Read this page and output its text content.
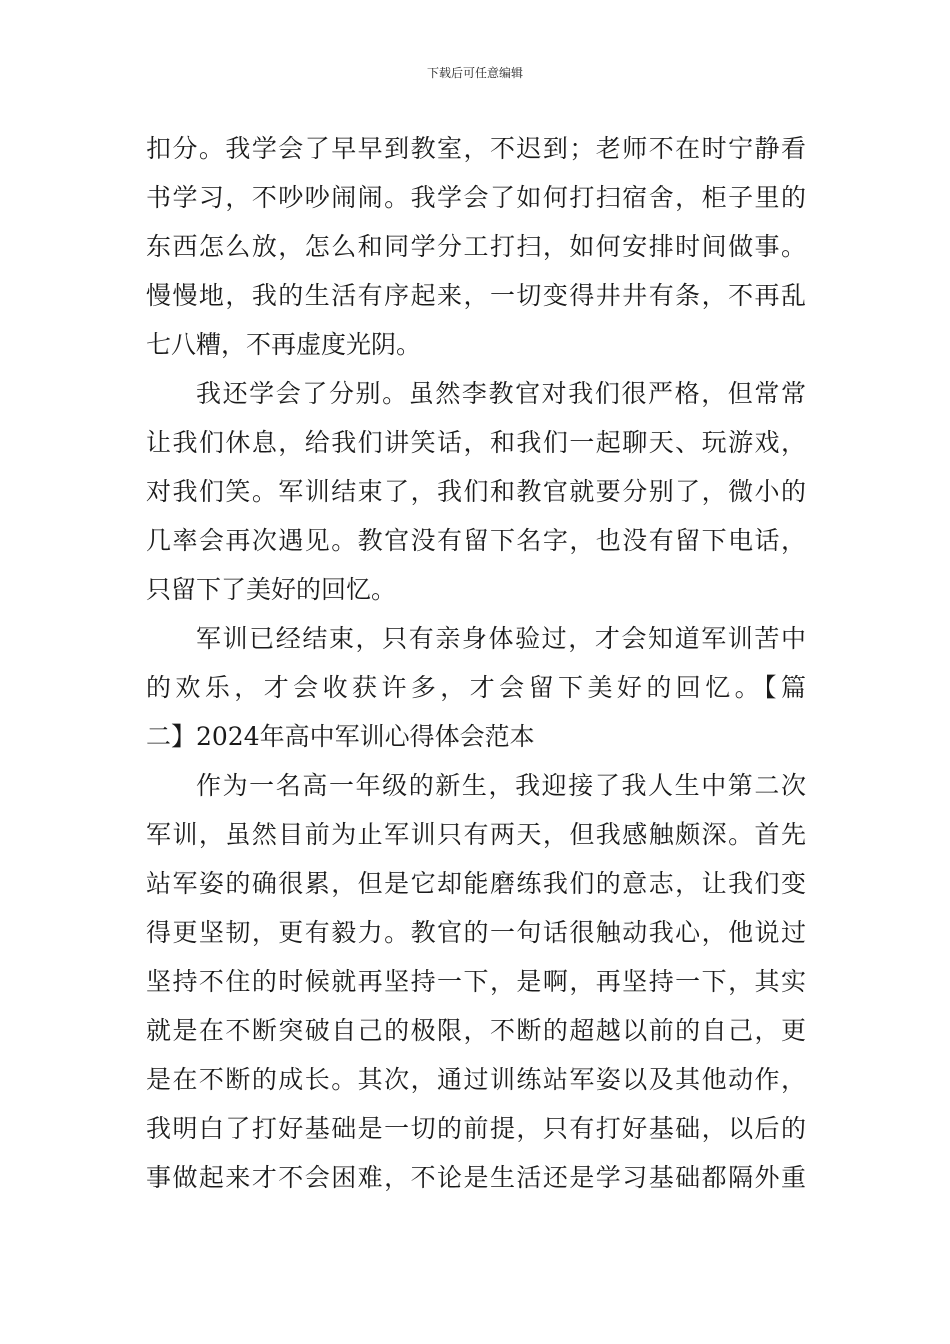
下载后可任意编辑
扣分。我学会了早早到教室，不迟到；老师不在时宁静看
书学习，不吵吵闹闹。我学会了如何打扫宿舍，柜子里的
东西怎么放，怎么和同学分工打扫，如何安排时间做事。
慢慢地，我的生活有序起来，一切变得井井有条，不再乱
七八糟，不再虚度光阴。
我还学会了分别。虽然李教官对我们很严格，但常常
让我们休息，给我们讲笑话，和我们一起聊天、玩游戏，
对我们笑。军训结束了，我们和教官就要分别了，微小的
几率会再次遇见。教官没有留下名字，也没有留下电话，
只留下了美好的回忆。
军训已经结束，只有亲身体验过，才会知道军训苦中
的欢乐，才会收获许多，才会留下美好的回忆。【篇
二】2024年高中军训心得体会范本
作为一名高一年级的新生，我迎接了我人生中第二次
军训，虽然目前为止军训只有两天，但我感触颇深。首先
站军姿的确很累，但是它却能磨练我们的意志，让我们变
得更坚韧，更有毅力。教官的一句话很触动我心，他说过
坚持不住的时候就再坚持一下，是啊，再坚持一下，其实
就是在不断突破自己的极限，不断的超越以前的自己，更
是在不断的成长。其次，通过训练站军姿以及其他动作，
我明白了打好基础是一切的前提，只有打好基础，以后的
事做起来才不会困难，不论是生活还是学习基础都隔外重
